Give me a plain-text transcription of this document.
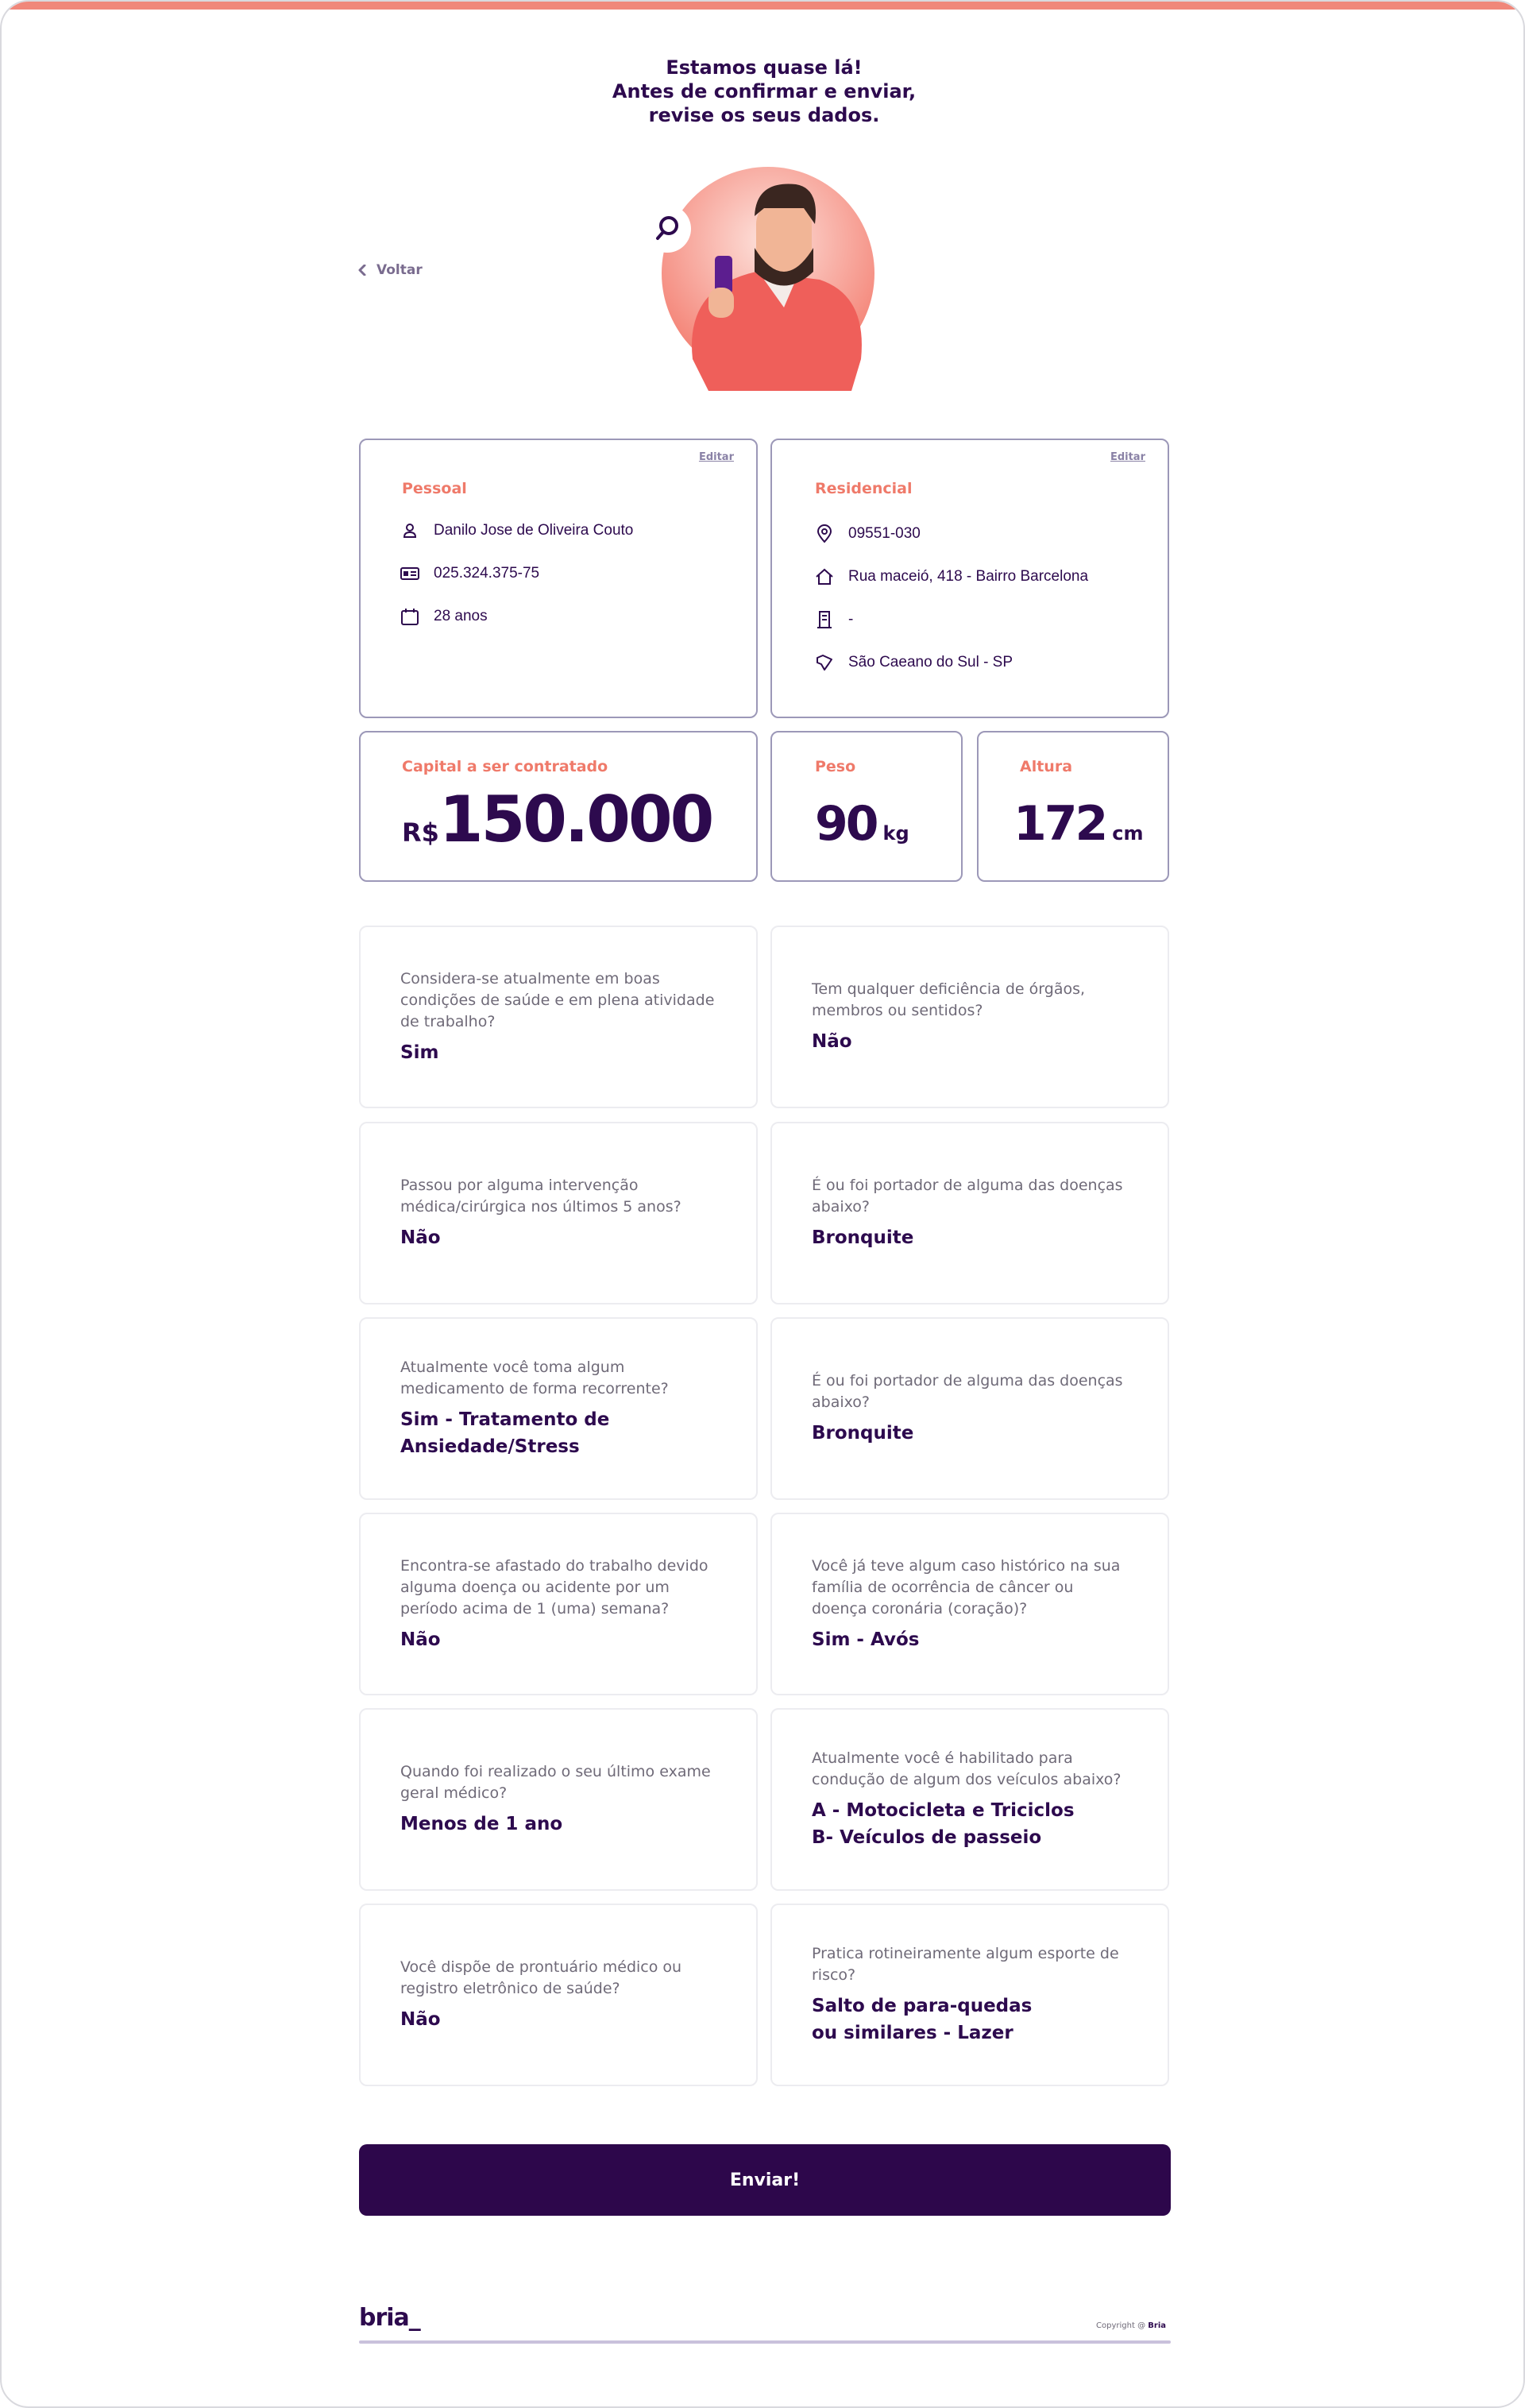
Estamos quase lá!
Antes de confirmar e enviar,
revise os seus dados.
Voltar
Editar
Pessoal
Danilo Jose de Oliveira Couto
025.324.375-75
28 anos
Editar
Residencial
09551-030
Rua maceió, 418 - Bairro Barcelona
-
São Caeano do Sul - SP
Capital a ser contratado
R$150.000
Peso
90 kg
Altura
172 cm
Considera-se atualmente em boas condições de saúde e em plena atividade de trabalho?
Sim
Tem qualquer deficiência de órgãos, membros ou sentidos?
Não
Passou por alguma intervenção médica/cirúrgica nos últimos 5 anos?
Não
É ou foi portador de alguma das doenças abaixo?
Bronquite
Atualmente você toma algum medicamento de forma recorrente?
Sim - Tratamento de Ansiedade/Stress
É ou foi portador de alguma das doenças abaixo?
Bronquite
Encontra-se afastado do trabalho devido alguma doença ou acidente por um período acima de 1 (uma) semana?
Não
Você já teve algum caso histórico na sua família de ocorrência de câncer ou doença coronária (coração)?
Sim - Avós
Quando foi realizado o seu último exame geral médico?
Menos de 1 ano
Atualmente você é habilitado para condução de algum dos veículos abaixo?
A - Motocicleta e Triciclos
B- Veículos de passeio
Você dispõe de prontuário médico ou registro eletrônico de saúde?
Não
Pratica rotineiramente algum esporte de risco?
Salto de para-quedas
ou similares - Lazer
Enviar!
bria_	Copyright @ Bria
